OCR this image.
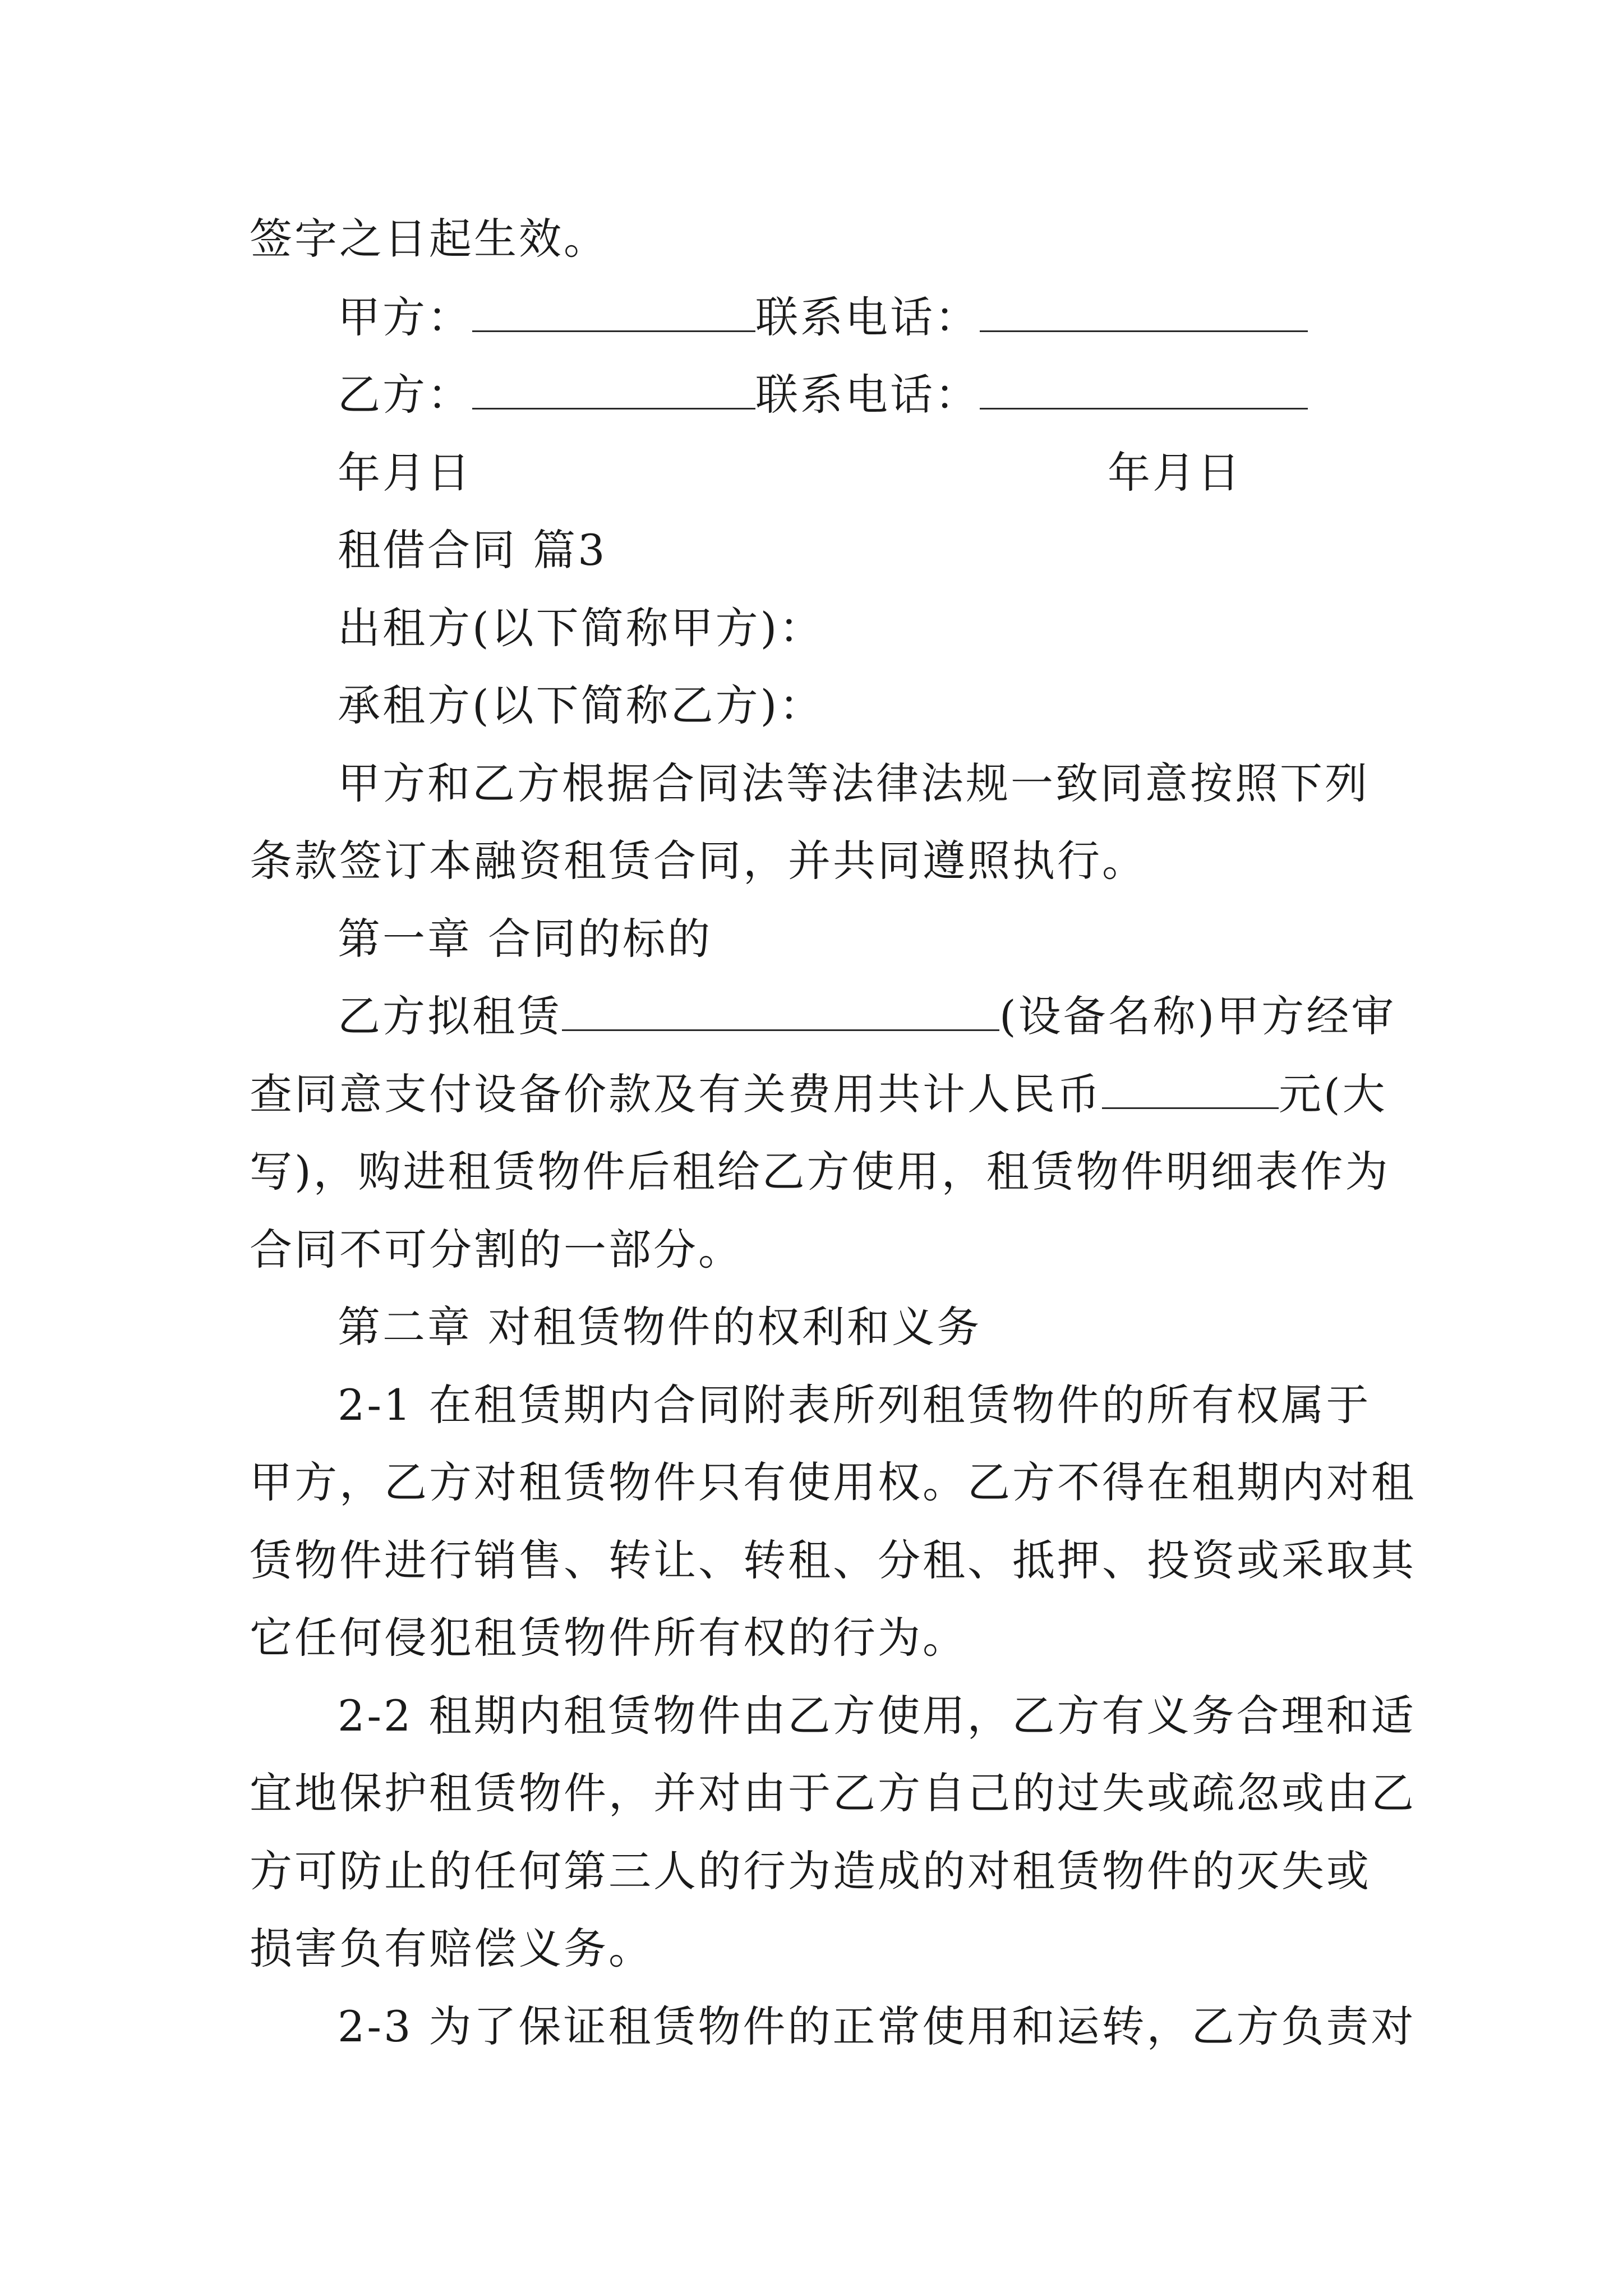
签字之日起生效。
甲方：	联系电话：
乙方：	联系电话：
年月日	年月日
租借合同 篇3
出租方(以下简称甲方)：
承租方(以下简称乙方)：
甲方和乙方根据合同法等法律法规一致同意按照下列
条款签订本融资租赁合同，并共同遵照执行。
第一章 合同的标的
乙方拟租赁	(设备名称)甲方经审
查同意支付设备价款及有关费用共计人民币	元(大
写)，购进租赁物件后租给乙方使用，租赁物件明细表作为
合同不可分割的一部分。
第二章 对租赁物件的权利和义务
2-1 在租赁期内合同附表所列租赁物件的所有权属于
甲方，乙方对租赁物件只有使用权。乙方不得在租期内对租
赁物件进行销售、转让、转租、分租、抵押、投资或采取其
它任何侵犯租赁物件所有权的行为。
2-2 租期内租赁物件由乙方使用，乙方有义务合理和适
宜地保护租赁物件，并对由于乙方自己的过失或疏忽或由乙
方可防止的任何第三人的行为造成的对租赁物件的灭失或
损害负有赔偿义务。
2-3 为了保证租赁物件的正常使用和运转，乙方负责对
